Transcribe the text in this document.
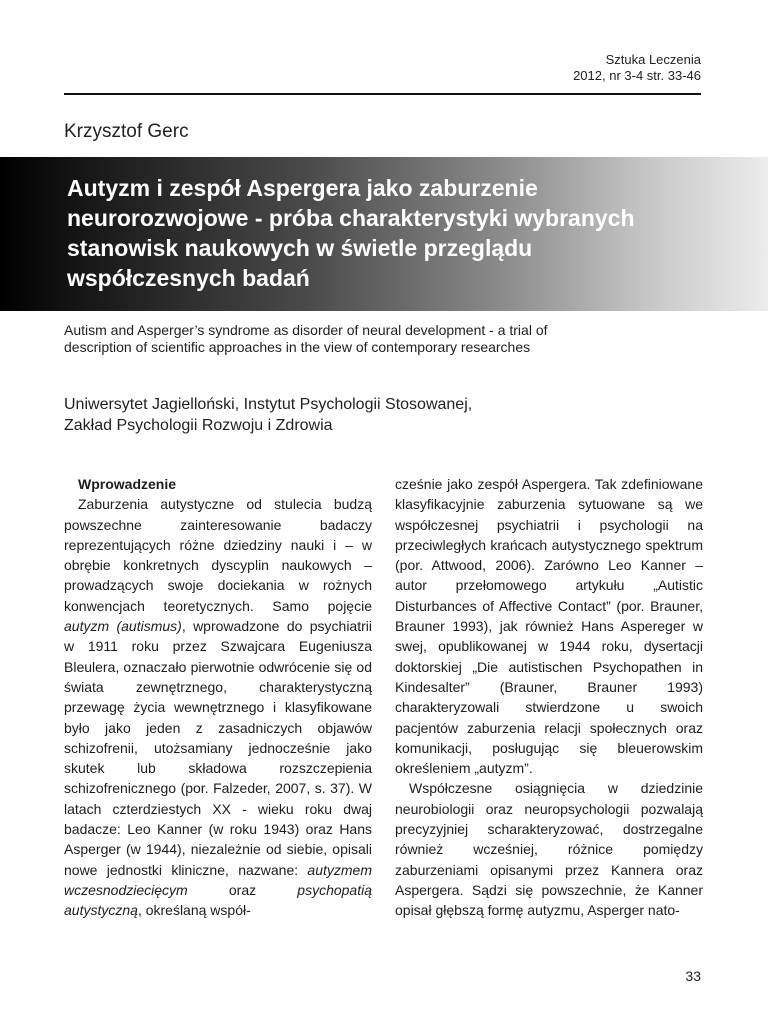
Sztuka Leczenia
2012, nr 3-4 str. 33-46
Krzysztof Gerc
Autyzm i zespół Aspergera jako zaburzenie neurorozwojowe - próba charakterystyki wybranych stanowisk naukowych w świetle przeglądu współczesnych badań

Autism and Asperger’s syndrome as disorder of neural development - a trial of description of scientific approaches in the view of contemporary researches

Uniwersytet Jagielloński, Instytut Psychologii Stosowanej,
Zakład Psychologii Rozwoju i Zdrowia
Wprowadzenie

Zaburzenia autystyczne od stulecia budzą powszechne zainteresowanie badaczy reprezentujących różne dziedziny nauki i – w obrębie konkretnych dyscyplin naukowych – prowadzących swoje dociekania w rożnych konwencjach teoretycznych. Samo pojęcie autyzm (autismus), wprowadzone do psychiatrii w 1911 roku przez Szwajcara Eugeniusza Bleulera, oznaczało pierwotnie odwrócenie się od świata zewnętrznego, charakterystyczną przewagę życia wewnętrznego i klasyfikowane było jako jeden z zasadniczych objawów schizofrenii, utożsamiany jednocześnie jako skutek lub składowa rozszczepienia schizofrenicznego (por. Falzeder, 2007, s. 37). W latach czterdziestych XX - wieku roku dwaj badacze: Leo Kanner (w roku 1943) oraz Hans Asperger (w 1944), niezależnie od siebie, opisali nowe jednostki kliniczne, nazwane: autyzmem wczesnodziecięcym oraz psychopatią autystyczną, określaną współ-

cześnie jako zespół Aspergera. Tak zdefiniowane klasyfikacyjnie zaburzenia sytuowane są we współczesnej psychiatrii i psychologii na przeciwległych krańcach autystycznego spektrum (por. Attwood, 2006). Zarówno Leo Kanner – autor przełomowego artykułu „Autistic Disturbances of Affective Contact” (por. Brauner, Brauner 1993), jak również Hans Aspereger w swej, opublikowanej w 1944 roku, dysertacji doktorskiej „Die autistischen Psychopathen in Kindesalter” (Brauner, Brauner 1993) charakteryzowali stwierdzone u swoich pacjentów zaburzenia relacji społecznych oraz komunikacji, posługując się bleuerowskim określeniem „autyzm”.

Współczesne osiągnięcia w dziedzinie neurobiologii oraz neuropsychologii pozwalają precyzyjniej scharakteryzować, dostrzegalne również wcześniej, różnice pomiędzy zaburzeniami opisanymi przez Kannera oraz Aspergera. Sądzi się powszechnie, że Kanner opisał głębszą formę autyzmu, Asperger nato-

33
